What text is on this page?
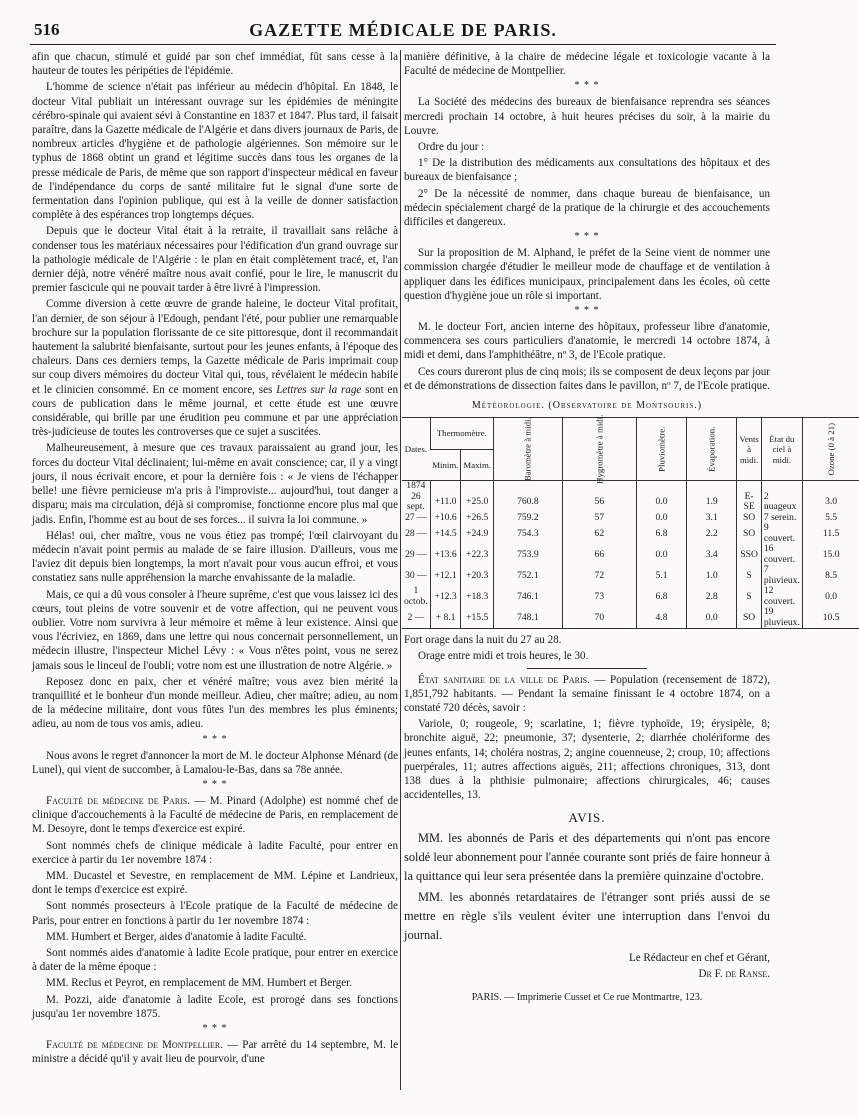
516	GAZETTE MÉDICALE DE PARIS.

afin que chacun, stimulé et guidé par son chef immédiat, fût sans cesse à la hauteur de toutes les péripéties de l'épidémie.

L'homme de science n'était pas inférieur au médecin d'hôpital. En 1848, le docteur Vital publiait un intéressant ouvrage sur les épidémies de méningite cérébro-spinale qui avaient sévi à Constantine en 1837 et 1847. Plus tard, il faisait paraître, dans la Gazette médicale de l'Algérie et dans divers journaux de Paris, de nombreux articles d'hygiène et de pathologie algériennes. Son mémoire sur le typhus de 1868 obtint un grand et légitime succès dans tous les organes de la presse médicale de Paris, de même que son rapport d'inspecteur médical en faveur de l'indépendance du corps de santé militaire fut le signal d'une sorte de fermentation dans l'opinion publique, qui est à la veille de donner satisfaction complète à des espérances trop longtemps déçues.

Depuis que le docteur Vital était à la retraite, il travaillait sans relâche à condenser tous les matériaux nécessaires pour l'édification d'un grand ouvrage sur la pathologie médicale de l'Algérie : le plan en était complètement tracé, et, l'an dernier déjà, notre vénéré maître nous avait confié, pour le lire, le manuscrit du premier fascicule qui ne pouvait tarder à être livré à l'impression.

Comme diversion à cette œuvre de grande haleine, le docteur Vital profitait, l'an dernier, de son séjour à l'Edough, pendant l'été, pour publier une remarquable brochure sur la population florissante de ce site pittoresque, dont il recommandait hautement la salubrité bienfaisante, surtout pour les jeunes enfants, à l'époque des chaleurs. Dans ces derniers temps, la Gazette médicale de Paris imprimait coup sur coup divers mémoires du docteur Vital qui, tous, révélaient le médecin habile et le clinicien consommé. En ce moment encore, ses Lettres sur la rage sont en cours de publication dans le même journal, et cette étude est une œuvre considérable, qui brille par une érudition peu commune et par une appréciation très-judicieuse de toutes les controverses que ce sujet a suscitées.

Malheureusement, à mesure que ces travaux paraissaient au grand jour, les forces du docteur Vital déclinaient; lui-même en avait conscience; car, il y a vingt jours, il nous écrivait encore, et pour la dernière fois : « Je viens de l'échapper belle! une fièvre pernicieuse m'a pris à l'improviste... aujourd'hui, tout danger a disparu; mais ma circulation, déjà si compromise, fonctionne encore plus mal que jadis. Enfin, l'homme est au bout de ses forces... il suivra la loi commune. »

Hélas! oui, cher maître, vous ne vous étiez pas trompé; l'œil clairvoyant du médecin n'avait point permis au malade de se faire illusion. D'ailleurs, vous me l'aviez dit depuis bien longtemps, la mort n'avait pour vous aucun effroi, et vous constatiez sans nulle appréhension la marche envahissante de la maladie.

Mais, ce qui a dû vous consoler à l'heure suprême, c'est que vous laissez ici des cœurs, tout pleins de votre souvenir et de votre affection, qui ne peuvent vous oublier. Votre nom survivra à leur mémoire et même à leur existence. Ainsi que vous l'écriviez, en 1869, dans une lettre qui nous concernait personnellement, un médecin illustre, l'inspecteur Michel Lévy : « Vous n'êtes point, vous ne serez jamais sous le linceul de l'oubli; votre nom est une illustration de notre Algérie. »

Reposez donc en paix, cher et vénéré maître; vous avez bien mérité la tranquillité et le bonheur d'un monde meilleur. Adieu, cher maître; adieu, au nom de la médecine militaire, dont vous fûtes l'un des membres les plus éminents; adieu, au nom de tous vos amis, adieu.

* * *

Nous avons le regret d'annoncer la mort de M. le docteur Alphonse Ménard (de Lunel), qui vient de succomber, à Lamalou-le-Bas, dans sa 78e année.

* * *

Faculté de médecine de Paris. — M. Pinard (Adolphe) est nommé chef de clinique d'accouchements à la Faculté de médecine de Paris, en remplacement de M. Desoyre, dont le temps d'exercice est expiré.

Sont nommés chefs de clinique médicale à ladite Faculté, pour entrer en exercice à partir du 1er novembre 1874 :

MM. Ducastel et Sevestre, en remplacement de MM. Lépine et Landrieux, dont le temps d'exercice est expiré.

Sont nommés prosecteurs à l'Ecole pratique de la Faculté de médecine de Paris, pour entrer en fonctions à partir du 1er novembre 1874 :

MM. Humbert et Berger, aides d'anatomie à ladite Faculté.

Sont nommés aides d'anatomie à ladite Ecole pratique, pour entrer en exercice à dater de la même époque :

MM. Reclus et Peyrot, en remplacement de MM. Humbert et Berger.

M. Pozzi, aide d'anatomie à ladite Ecole, est prorogé dans ses fonctions jusqu'au 1er novembre 1875.

* * *

Faculté de médecine de Montpellier. — Par arrêté du 14 septembre, M. le ministre a décidé qu'il y avait lieu de pourvoir, d'une

manière définitive, à la chaire de médecine légale et toxicologie vacante à la Faculté de médecine de Montpellier.

* * *

La Société des médecins des bureaux de bienfaisance reprendra ses séances mercredi prochain 14 octobre, à huit heures précises du soir, à la mairie du Louvre.

Ordre du jour :

1° De la distribution des médicaments aux consultations des hôpitaux et des bureaux de bienfaisance ;

2° De la nécessité de nommer, dans chaque bureau de bienfaisance, un médecin spécialement chargé de la pratique de la chirurgie et des accouchements difficiles et dangereux.

* * *

Sur la proposition de M. Alphand, le préfet de la Seine vient de nommer une commission chargée d'étudier le meilleur mode de chauffage et de ventilation à appliquer dans les édifices municipaux, principalement dans les écoles, où cette question d'hygiène joue un rôle si important.

* * *

M. le docteur Fort, ancien interne des hôpitaux, professeur libre d'anatomie, commencera ses cours particuliers d'anatomie, le mercredi 14 octobre 1874, à midi et demi, dans l'amphithéâtre, nº 3, de l'Ecole pratique.

Ces cours dureront plus de cinq mois; ils se composent de deux leçons par jour et de démonstrations de dissection faites dans le pavillon, nº 7, de l'Ecole pratique.

Météorologie. (Observatoire de Montsouris.)
Dates.	Thermomètre.		Baromètre à midi.	Hygromètre à midi.	Pluviomètre.	Évaporation.	Vents à midi.	État du ciel à midi.	Ozone (0 à 21)
	Minim.	Maxim.							
1874									
26 sept.	+11.0	+25.0	760.8	56	0.0	1.9	E-SE	2 nuageux	3.0
27 —	+10.6	+26.5	759.2	57	0.0	3.1	SO	7 serein.	5.5
28 —	+14.5	+24.9	754.3	62	6.8	2.2	SO	9 couvert.	11.5
29 —	+13.6	+22.3	753.9	66	0.0	3.4	SSO	16 couvert.	15.0
30 —	+12.1	+20.3	752.1	72	5.1	1.0	S	7 pluvieux.	8.5
1 octob.	+12.3	+18.3	746.1	73	6.8	2.8	S	12 couvert.	0.0
2 —	+ 8.1	+15.5	748.1	70	4.8	0.0	SO	19 pluvieux.	10.5

Fort orage dans la nuit du 27 au 28.

Orage entre midi et trois heures, le 30.

État sanitaire de la ville de Paris. — Population (recensement de 1872), 1,851,792 habitants. — Pendant la semaine finissant le 4 octobre 1874, on a constaté 720 décès, savoir :

Variole, 0; rougeole, 9; scarlatine, 1; fièvre typhoïde, 19; érysipèle, 8; bronchite aiguë, 22; pneumonie, 37; dysenterie, 2; diarrhée cholériforme des jeunes enfants, 14; choléra nostras, 2; angine couenneuse, 2; croup, 10; affections puerpérales, 11; autres affections aiguës, 211; affections chroniques, 313, dont 138 dues à la phthisie pulmonaire; affections chirurgicales, 46; causes accidentelles, 13.

AVIS.

MM. les abonnés de Paris et des départements qui n'ont pas encore soldé leur abonnement pour l'année courante sont priés de faire honneur à la quittance qui leur sera présentée dans la première quinzaine d'octobre.

MM. les abonnés retardataires de l'étranger sont priés aussi de se mettre en règle s'ils veulent éviter une interruption dans l'envoi du journal.

Le Rédacteur en chef et Gérant,
Dr F. de Ranse.
PARIS. — Imprimerie Cusset et Ce rue Montmartre, 123.
